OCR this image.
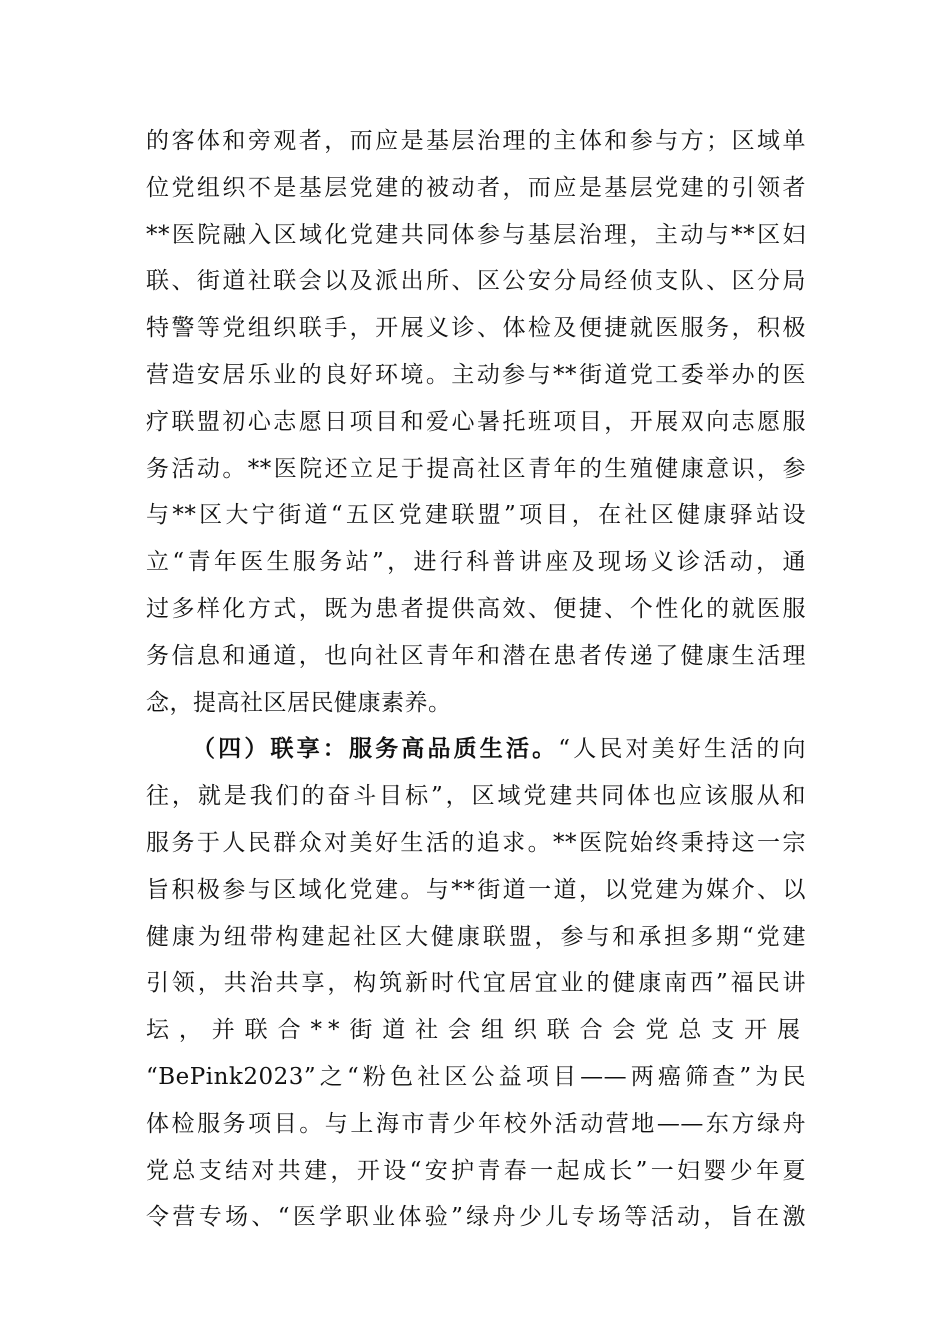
的客体和旁观者，而应是基层治理的主体和参与方；区域单
位党组织不是基层党建的被动者，而应是基层党建的引领者
**医院融入区域化党建共同体参与基层治理，主动与**区妇
联、街道社联会以及派出所、区公安分局经侦支队、区分局
特警等党组织联手，开展义诊、体检及便捷就医服务，积极
营造安居乐业的良好环境。主动参与**街道党工委举办的医
疗联盟初心志愿日项目和爱心暑托班项目，开展双向志愿服
务活动。**医院还立足于提高社区青年的生殖健康意识，参
与**区大宁街道“五区党建联盟”项目，在社区健康驿站设
立“青年医生服务站”，进行科普讲座及现场义诊活动，通
过多样化方式，既为患者提供高效、便捷、个性化的就医服
务信息和通道，也向社区青年和潜在患者传递了健康生活理
念，提高社区居民健康素养。
（四）联享：服务高品质生活。“人民对美好生活的向
往，就是我们的奋斗目标”，区域党建共同体也应该服从和
服务于人民群众对美好生活的追求。**医院始终秉持这一宗
旨积极参与区域化党建。与**街道一道，以党建为媒介、以
健康为纽带构建起社区大健康联盟，参与和承担多期“党建
引领，共治共享，构筑新时代宜居宜业的健康南西”福民讲
坛，并联合**街道社会组织联合会党总支开展
“BePink2023”之“粉色社区公益项目——两癌筛查”为民
体检服务项目。与上海市青少年校外活动营地——东方绿舟
党总支结对共建，开设“安护青春一起成长”一妇婴少年夏
令营专场、“医学职业体验”绿舟少儿专场等活动，旨在激
